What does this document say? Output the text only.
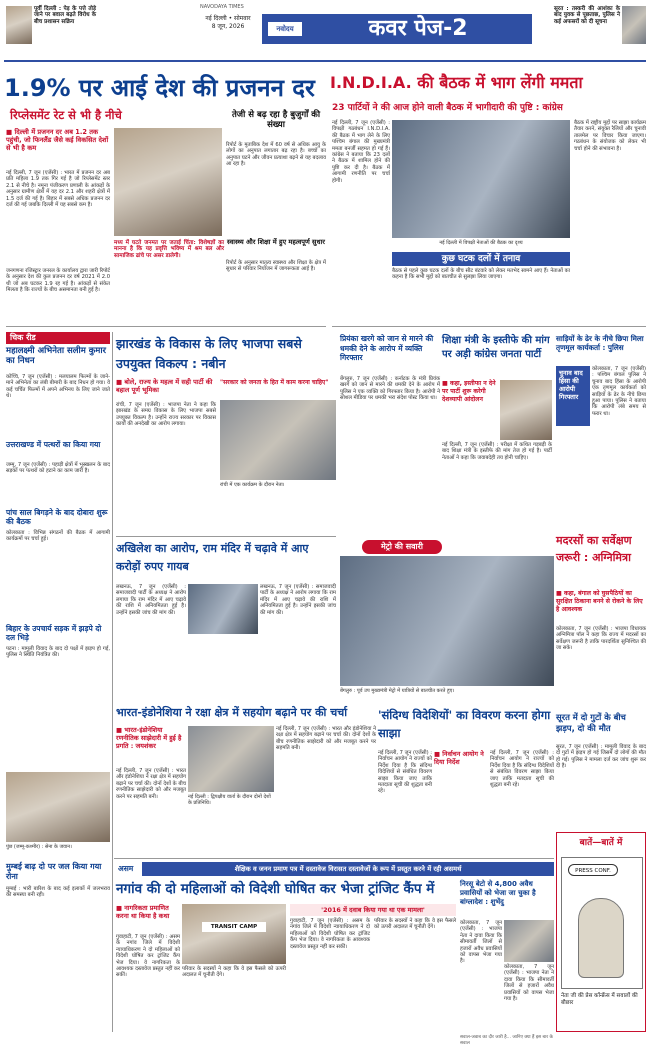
पूर्वी दिल्ली : पेड़ के पत्ते तोड़े जाने पर बवाल बढ़ते विरोध के बीच प्रशासन सक्रिय
NAVODAYA TIMES
नई दिल्ली • सोमवार
8 जून, 2026	नवोदय	कवर पेज-2
सूरत : तस्करी की आशंका के बाद युवक से पूछताछ, पुलिस ने कई अफसरों को दी सूचना
1.9% पर आई देश की प्रजनन दर
रिप्लेसमेंट रेट से भी है नीचे
■ दिल्ली में प्रजनन दर अब 1.2 तक पहुंची, जो फिनलैंड जैसे कई विकसित देशों से भी है कम
नई दिल्ली, 7 जून (एजेंसी) : भारत में प्रजनन दर अब प्रति महिला 1.9 तक गिर गई है जो रिप्लेसमेंट स्तर 2.1 से नीचे है। नमूना पंजीकरण प्रणाली के आंकड़ों के अनुसार ग्रामीण क्षेत्रों में यह दर 2.1 और शहरी क्षेत्रों में 1.5 दर्ज की गई है। बिहार में सबसे अधिक प्रजनन दर दर्ज की गई जबकि दिल्ली में यह सबसे कम है।
जनगणना रजिस्ट्रार जनरल के कार्यालय द्वारा जारी रिपोर्ट के अनुसार देश की कुल प्रजनन दर वर्ष 2021 में 2.0 थी जो अब घटकर 1.9 रह गई है। आंकड़ों से संकेत मिलता है कि राज्यों के बीच असमानता बनी हुई है।
तेजी से बढ़ रहा है बुजुर्गों की संख्या
रिपोर्ट के मुताबिक देश में 60 वर्ष से अधिक आयु के लोगों का अनुपात लगातार बढ़ रहा है। बच्चों का अनुपात घटने और जीवन प्रत्याशा बढ़ने से यह बदलाव आ रहा है।
मध्य में घटते जनमत पर जताई चिंता: विशेषज्ञों का मानना है कि यह प्रवृत्ति भविष्य में श्रम बल और सामाजिक ढांचे पर असर डालेगी।
स्वास्थ्य और शिक्षा में हुए महत्वपूर्ण सुधार
रिपोर्ट के अनुसार मातृत्व स्वास्थ्य और शिक्षा के क्षेत्र में सुधार से परिवार नियोजन में जागरूकता आई है।
I.N.D.I.A. की बैठक में भाग लेंगी ममता
23 पार्टियों ने की आज होने वाली बैठक में भागीदारी की पुष्टि : कांग्रेस
नई दिल्ली, 7 जून (एजेंसी) : विपक्षी गठबंधन I.N.D.I.A. की बैठक में भाग लेने के लिए पश्चिम बंगाल की मुख्यमंत्री ममता बनर्जी सहमत हो गई हैं। कांग्रेस ने बताया कि 23 दलों ने बैठक में शामिल होने की पुष्टि कर दी है। बैठक में आगामी रणनीति पर चर्चा होगी।
नई दिल्ली में विपक्षी नेताओं की बैठक का दृश्य
कुछ घटक दलों में तनाव
बैठक से पहले कुछ घटक दलों के बीच सीट बंटवारे को लेकर मतभेद सामने आए हैं। नेताओं का कहना है कि सभी मुद्दों को बातचीत से सुलझा लिया जाएगा।
बैठक में राष्ट्रीय मुद्दों पर साझा कार्यक्रम तैयार करने, संयुक्त रैलियों और चुनावी तालमेल पर विचार किया जाएगा। गठबंधन के संयोजक को लेकर भी चर्चा होने की संभावना है।
चिक रीड
महालक्ष्मी अभिनेता सलीम कुमार का निधन
कोच्चि, 7 जून (एजेंसी) : मलयालम फिल्मों के जाने-माने अभिनेता का लंबी बीमारी के बाद निधन हो गया। वे कई चर्चित फिल्मों में अपने अभिनय के लिए जाने जाते थे।
उत्तराखण्ड में पत्थरों का किया गया
जम्मू, 7 जून (एजेंसी) : पहाड़ी क्षेत्रों में भूस्खलन के बाद सड़कों पर पत्थरों को हटाने का काम जारी है।
पांच साल बिगड़ने के बाद दोबारा शुरू की बैठक
कोलकाता : विभिन्न संगठनों की बैठक में आगामी कार्यक्रमों पर चर्चा हुई।
बिहार के उपचार्य सड़क में झड़पे दो दल भिड़े
पटना : मामूली विवाद के बाद दो पक्षों में झड़प हो गई, पुलिस ने स्थिति नियंत्रित की।
पुंछ (जम्मू-कश्मीर) : सेना के जवान।
मुम्बई बाढ़ दो पर जल किया गया रोना
मुम्बई : भारी बारिश के बाद कई इलाकों में जलभराव की समस्या बनी रही।
झारखंड के विकास के लिए भाजपा सबसे उपयुक्त विकल्प : नबीन
■ बोले, राज्य के महत्व में सही पार्टी की बहाल पूर्ण भूमिका
रांची, 7 जून (एजेंसी) : भाजपा नेता ने कहा कि झारखंड के समग्र विकास के लिए भाजपा सबसे उपयुक्त विकल्प है। उन्होंने राज्य सरकार पर विकास कार्यों की अनदेखी का आरोप लगाया।
"सरकार को जनता के हित में काम करना चाहिए"
रांची में एक कार्यक्रम के दौरान नेता।
अखिलेश का आरोप, राम मंदिर में चढ़ावे में आए करोड़ों रुपए गायब
लखनऊ, 7 जून (एजेंसी) : समाजवादी पार्टी के अध्यक्ष ने आरोप लगाया कि राम मंदिर में आए चढ़ावे की राशि में अनियमितता हुई है। उन्होंने इसकी जांच की मांग की।
लखनऊ, 7 जून (एजेंसी) : समाजवादी पार्टी के अध्यक्ष ने आरोप लगाया कि राम मंदिर में आए चढ़ावे की राशि में अनियमितता हुई है। उन्होंने इसकी जांच की मांग की।
प्रियंका खरगे को जान से मारने की धमकी देने के आरोप में व्यक्ति गिरफ्तार
बेंगलुरु, 7 जून (एजेंसी) : कर्नाटक के मंत्री प्रियंक खरगे को जान से मारने की धमकी देने के आरोप में पुलिस ने एक व्यक्ति को गिरफ्तार किया है। आरोपी ने सोशल मीडिया पर धमकी भरा संदेश पोस्ट किया था।
शिक्षा मंत्री के इस्तीफे की मांग पर अड़ी कांग्रेस जनता पार्टी
■ कहा, इस्तीफा न देने पर पार्टी शुरू करेगी देशव्यापी आंदोलन
नई दिल्ली, 7 जून (एजेंसी) : परीक्षा में कथित गड़बड़ी के बाद शिक्षा मंत्री के इस्तीफे की मांग तेज हो गई है। पार्टी नेताओं ने कहा कि जवाबदेही तय होनी चाहिए।
साड़ियों के ढेर के नीचे छिपा मिला तृणमूल कार्यकर्ता : पुलिस
चुनाव बाद हिंसा की आरोपी गिरफ्तार
कोलकाता, 7 जून (एजेंसी) : पश्चिम बंगाल पुलिस ने चुनाव बाद हिंसा के आरोपी एक तृणमूल कार्यकर्ता को साड़ियों के ढेर के नीचे छिपा हुआ पाया। पुलिस ने बताया कि आरोपी लंबे समय से फरार था।
मेट्रो की सवारी
बेंगलुरु : पूर्व उप मुख्यमंत्री मेट्रो में यात्रियों से बातचीत करते हुए।
मदरसों का सर्वेक्षण जरूरी : अग्निमित्रा
■ कहा, बंगाल को घुसपैठियों का सुरक्षित ठिकाना बनने से रोकने के लिए है आवश्यक
कोलकाता, 7 जून (एजेंसी) : भाजपा विधायक अग्निमित्रा पॉल ने कहा कि राज्य में मदरसों का सर्वेक्षण जरूरी है ताकि पारदर्शिता सुनिश्चित की जा सके।
भारत-इंडोनेशिया ने रक्षा क्षेत्र में सहयोग बढ़ाने पर की चर्चा
■ भारत-इंडोनेशिया रणनीतिक साझेदारी में हुई है प्रगति : जयशंकर
नई दिल्ली, 7 जून (एजेंसी) : भारत और इंडोनेशिया ने रक्षा क्षेत्र में सहयोग बढ़ाने पर चर्चा की। दोनों देशों के बीच रणनीतिक साझेदारी को और मजबूत करने पर सहमति बनी।	नई दिल्ली : द्विपक्षीय वार्ता के दौरान दोनों देशों के प्रतिनिधि।
नई दिल्ली, 7 जून (एजेंसी) : भारत और इंडोनेशिया ने रक्षा क्षेत्र में सहयोग बढ़ाने पर चर्चा की। दोनों देशों के बीच रणनीतिक साझेदारी को और मजबूत करने पर सहमति बनी।
'संदिग्ध विदेशियों' का विवरण करना होगा साझा
नई दिल्ली, 7 जून (एजेंसी) : निर्वाचन आयोग ने राज्यों को निर्देश दिया है कि संदिग्ध विदेशियों से संबंधित विवरण साझा किया जाए ताकि मतदाता सूची की शुद्धता बनी रहे।
■ निर्वाचन आयोग ने दिया निर्देश
नई दिल्ली, 7 जून (एजेंसी) : निर्वाचन आयोग ने राज्यों को निर्देश दिया है कि संदिग्ध विदेशियों से संबंधित विवरण साझा किया जाए ताकि मतदाता सूची की शुद्धता बनी रहे।
सूरत में दो गुटों के बीच झड़प, दो की मौत
सूरत, 7 जून (एजेंसी) : मामूली विवाद के बाद दो गुटों में झड़प हो गई जिसमें दो लोगों की मौत हो गई। पुलिस ने मामला दर्ज कर जांच शुरू कर दी है।
बातें—बातें में
PRESS CONF.
नेता जी की प्रेस कॉन्फ्रेंस में सवालों की बौछार
असम	शैक्षिक व जनन प्रमाण पत्र में दस्तावेज विरासत दस्तावेजों के रूप में प्रस्तुत करने में रही असमर्थ
नगांव की दो महिलाओं को विदेशी घोषित कर भेजा ट्रांजिट कैंप में
■ नागरिकता प्रमाणित करना था किया है कथा
गुवाहाटी, 7 जून (एजेंसी) : असम के नगांव जिले में विदेशी न्यायाधिकरण ने दो महिलाओं को विदेशी घोषित कर ट्रांजिट कैंप भेज दिया। वे नागरिकता के आवश्यक दस्तावेज प्रस्तुत नहीं कर सकीं।
TRANSIT CAMP
परिवार के सदस्यों ने कहा कि वे इस फैसले को ऊपरी अदालत में चुनौती देंगे।
'2016 में दवाब किया गया था एक मामला'
गुवाहाटी, 7 जून (एजेंसी) : असम के नगांव जिले में विदेशी न्यायाधिकरण ने दो महिलाओं को विदेशी घोषित कर ट्रांजिट कैंप भेज दिया। वे नागरिकता के आवश्यक दस्तावेज प्रस्तुत नहीं कर सकीं।
परिवार के सदस्यों ने कहा कि वे इस फैसले को ऊपरी अदालत में चुनौती देंगे।
निरसू बेटो से 4,800 अवैध प्रवासियों को भेजा जा चुका है बांग्लादेश : शुभेंदु
कोलकाता, 7 जून (एजेंसी) : भाजपा नेता ने दावा किया कि सीमावर्ती जिलों से हजारों अवैध प्रवासियों को वापस भेजा गया है।
कोलकाता, 7 जून (एजेंसी) : भाजपा नेता ने दावा किया कि सीमावर्ती जिलों से हजारों अवैध प्रवासियों को वापस भेजा गया है।
सवाल-जवाब का दौर जारी है... जानिए क्या हैं इस बार के सवाल
